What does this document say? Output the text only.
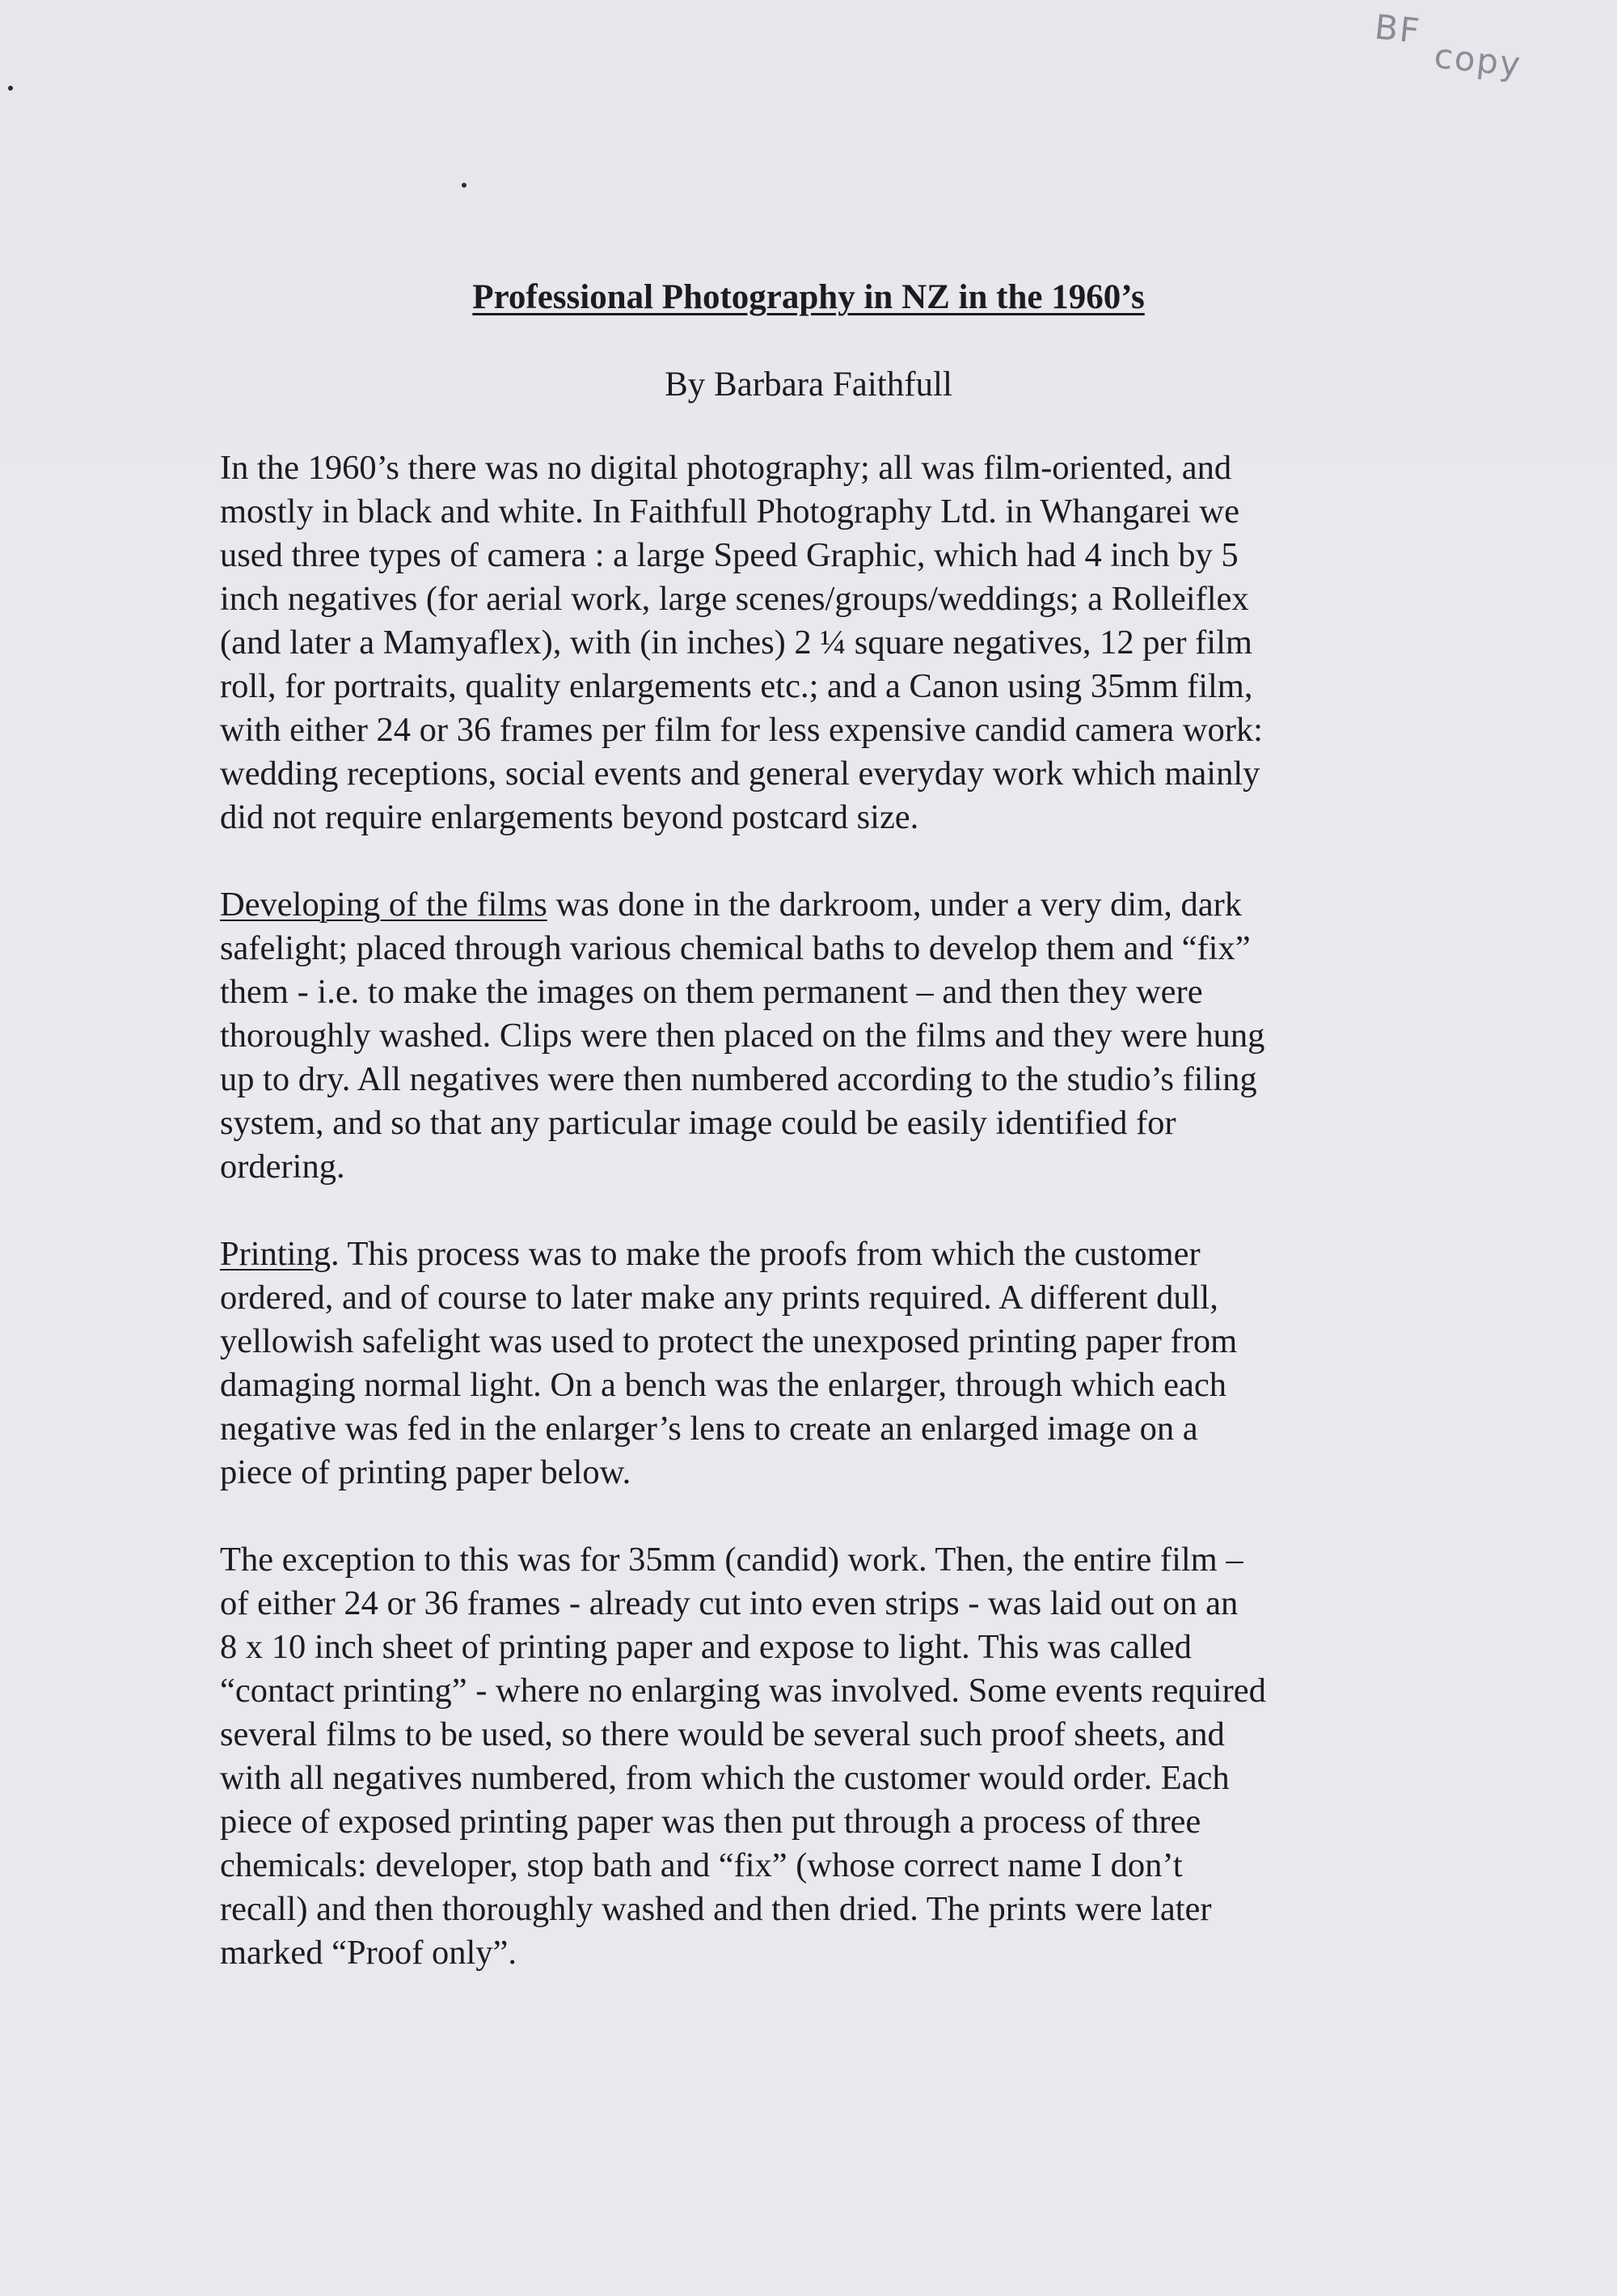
BFcopy
Professional Photography in NZ in the 1960’s
By Barbara Faithfull
In the 1960’s there was no digital photography; all was film-oriented, and
mostly in black and white. In Faithfull Photography Ltd. in Whangarei we
used three types of camera : a large Speed Graphic, which had 4 inch by 5
inch negatives (for aerial work, large scenes/groups/weddings; a Rolleiflex
(and later a Mamyaflex), with (in inches) 2 ¼ square negatives, 12 per film
roll, for portraits, quality enlargements etc.; and a Canon using 35mm film,
with either 24 or 36 frames per film for less expensive candid camera work:
wedding receptions, social events and general everyday work which mainly
did not require enlargements beyond postcard size.
Developing of the films was done in the darkroom, under a very dim, dark
safelight; placed through various chemical baths to develop them and “fix”
them - i.e. to make the images on them permanent – and then they were
thoroughly washed. Clips were then placed on the films and they were hung
up to dry. All negatives were then numbered according to the studio’s filing
system, and so that any particular image could be easily identified for
ordering.
Printing. This process was to make the proofs from which the customer
ordered, and of course to later make any prints required. A different dull,
yellowish safelight was used to protect the unexposed printing paper from
damaging normal light. On a bench was the enlarger, through which each
negative was fed in the enlarger’s lens to create an enlarged image on a
piece of printing paper below.
The exception to this was for 35mm (candid) work. Then, the entire film –
of either 24 or 36 frames - already cut into even strips - was laid out on an
8 x 10 inch sheet of printing paper and expose to light. This was called
“contact printing” - where no enlarging was involved. Some events required
several films to be used, so there would be several such proof sheets, and
with all negatives numbered, from which the customer would order. Each
piece of exposed printing paper was then put through a process of three
chemicals: developer, stop bath and “fix” (whose correct name I don’t
recall) and then thoroughly washed and then dried. The prints were later
marked “Proof only”.
